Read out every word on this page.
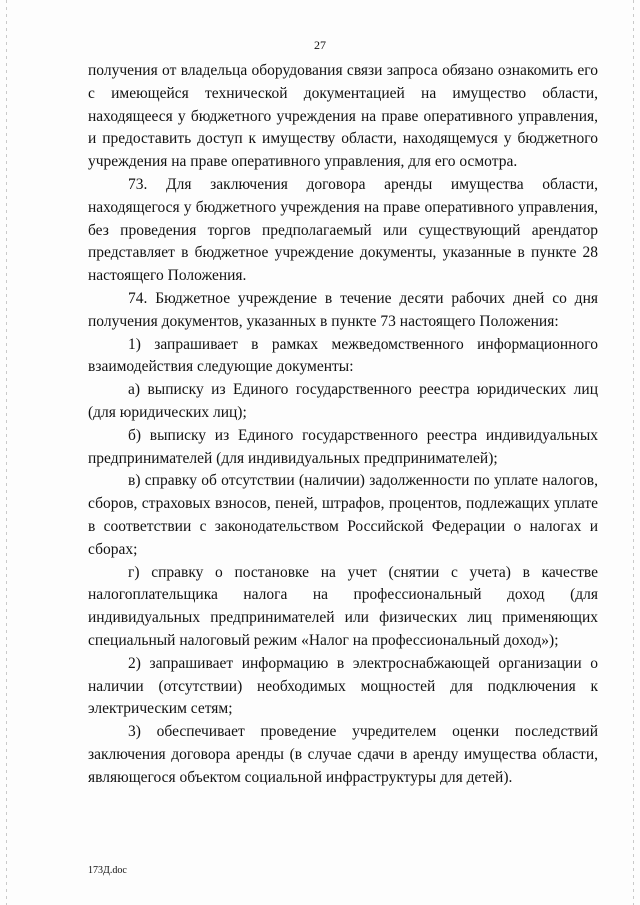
27

получения от владельца оборудования связи запроса обязано ознакомить его с имеющейся технической документацией на имущество области, находящееся у бюджетного учреждения на праве оперативного управления, и предоставить доступ к имуществу области, находящемуся у бюджетного учреждения на праве оперативного управления, для его осмотра.

73. Для заключения договора аренды имущества области, находящегося у бюджетного учреждения на праве оперативного управления, без проведения торгов предполагаемый или существующий арендатор представляет в бюджетное учреждение документы, указанные в пункте 28 настоящего Положения.

74. Бюджетное учреждение в течение десяти рабочих дней со дня получения документов, указанных в пункте 73 настоящего Положения:

1) запрашивает в рамках межведомственного информационного взаимодействия следующие документы:

а) выписку из Единого государственного реестра юридических лиц (для юридических лиц);

б) выписку из Единого государственного реестра индивидуальных предпринимателей (для индивидуальных предпринимателей);

в) справку об отсутствии (наличии) задолженности по уплате налогов, сборов, страховых взносов, пеней, штрафов, процентов, подлежащих уплате в соответствии с законодательством Российской Федерации о налогах и сборах;

г) справку о постановке на учет (снятии с учета) в качестве налогоплательщика налога на профессиональный доход (для индивидуальных предпринимателей или физических лиц применяющих специальный налоговый режим «Налог на профессиональный доход»);

2) запрашивает информацию в электроснабжающей организации о наличии (отсутствии) необходимых мощностей для подключения к электрическим сетям;

3) обеспечивает проведение учредителем оценки последствий заключения договора аренды (в случае сдачи в аренду имущества области, являющегося объектом социальной инфраструктуры для детей).

173Д.doc
